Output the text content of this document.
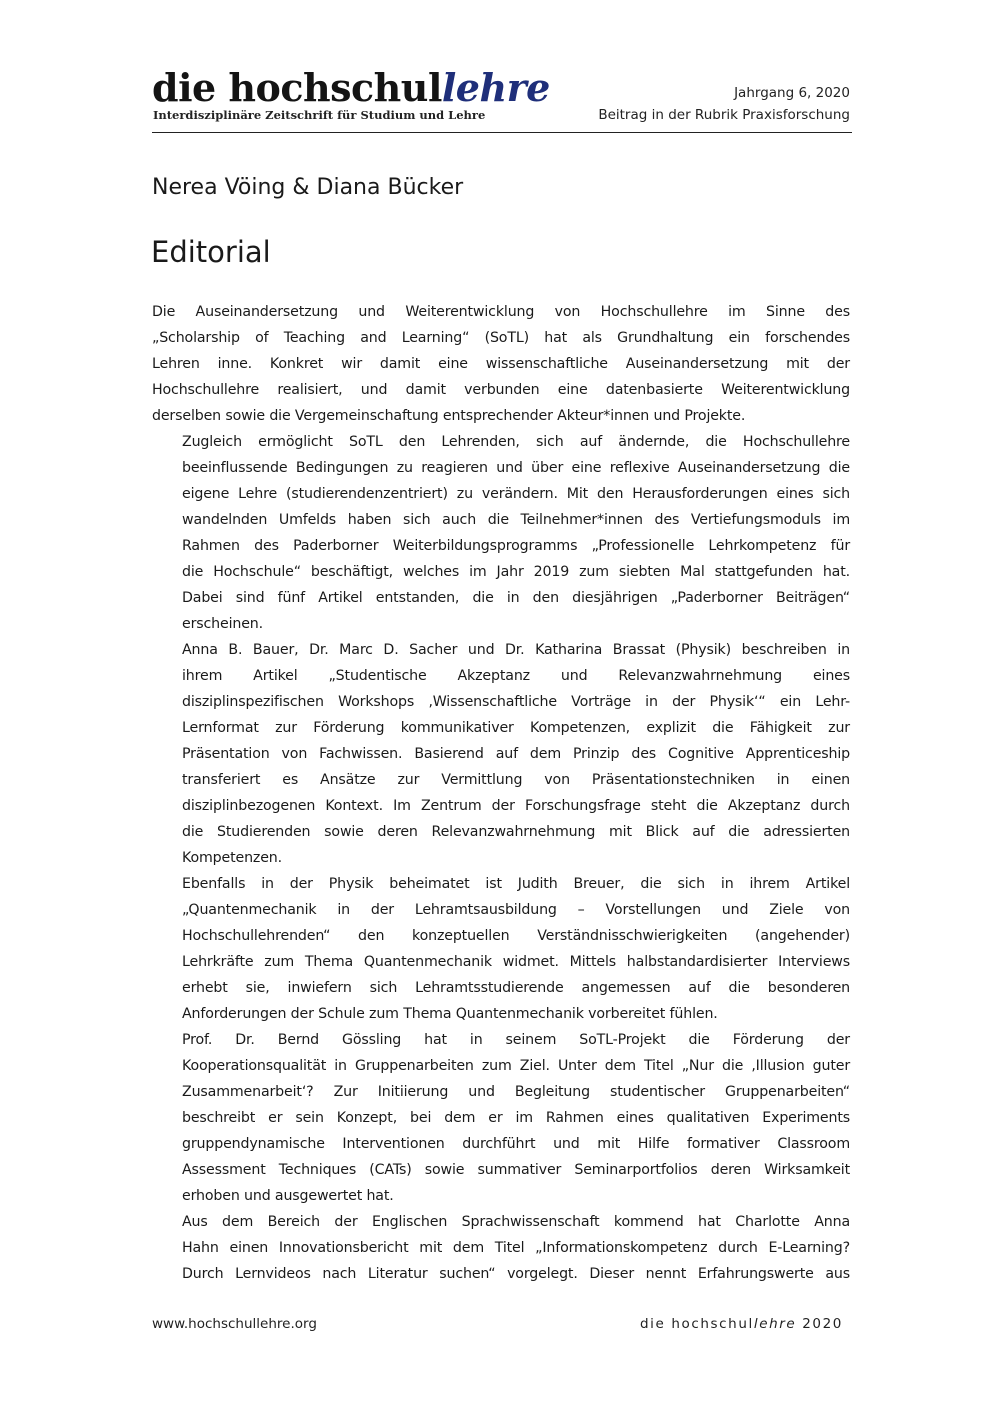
die hochschullehre
Interdisziplinäre Zeitschrift für Studium und Lehre
Jahrgang 6, 2020
Beitrag in der Rubrik Praxisforschung
Nerea Vöing & Diana Bücker
Editorial

Die Auseinandersetzung und Weiterentwicklung von Hochschullehre im Sinne des
„Scholarship of Teaching and Learning“ (SoTL) hat als Grundhaltung ein forschendes
Lehren inne. Konkret wir damit eine wissenschaftliche Auseinandersetzung mit der
Hochschullehre realisiert, und damit verbunden eine datenbasierte Weiterentwicklung
derselben sowie die Vergemeinschaftung entsprechender Akteur*innen und Projekte.

Zugleich ermöglicht SoTL den Lehrenden, sich auf ändernde, die Hochschullehre
beeinflussende Bedingungen zu reagieren und über eine reflexive Auseinandersetzung die
eigene Lehre (studierendenzentriert) zu verändern. Mit den Herausforderungen eines sich
wandelnden Umfelds haben sich auch die Teilnehmer*innen des Vertiefungsmoduls im
Rahmen des Paderborner Weiterbildungsprogramms „Professionelle Lehrkompetenz für
die Hochschule“ beschäftigt, welches im Jahr 2019 zum siebten Mal stattgefunden hat.
Dabei sind fünf Artikel entstanden, die in den diesjährigen „Paderborner Beiträgen“
erscheinen.

Anna B. Bauer, Dr. Marc D. Sacher und Dr. Katharina Brassat (Physik) beschreiben in
ihrem Artikel „Studentische Akzeptanz und Relevanzwahrnehmung eines
disziplinspezifischen Workshops ‚Wissenschaftliche Vorträge in der Physik‘“ ein Lehr-
Lernformat zur Förderung kommunikativer Kompetenzen, explizit die Fähigkeit zur
Präsentation von Fachwissen. Basierend auf dem Prinzip des Cognitive Apprenticeship
transferiert es Ansätze zur Vermittlung von Präsentationstechniken in einen
disziplinbezogenen Kontext. Im Zentrum der Forschungsfrage steht die Akzeptanz durch
die Studierenden sowie deren Relevanzwahrnehmung mit Blick auf die adressierten
Kompetenzen.

Ebenfalls in der Physik beheimatet ist Judith Breuer, die sich in ihrem Artikel
„Quantenmechanik in der Lehramtsausbildung – Vorstellungen und Ziele von
Hochschullehrenden“ den konzeptuellen Verständnisschwierigkeiten (angehender)
Lehrkräfte zum Thema Quantenmechanik widmet. Mittels halbstandardisierter Interviews
erhebt sie, inwiefern sich Lehramtsstudierende angemessen auf die besonderen
Anforderungen der Schule zum Thema Quantenmechanik vorbereitet fühlen.

Prof. Dr. Bernd Gössling hat in seinem SoTL-Projekt die Förderung der
Kooperationsqualität in Gruppenarbeiten zum Ziel. Unter dem Titel „Nur die ‚Illusion guter
Zusammenarbeit‘? Zur Initiierung und Begleitung studentischer Gruppenarbeiten“
beschreibt er sein Konzept, bei dem er im Rahmen eines qualitativen Experiments
gruppendynamische Interventionen durchführt und mit Hilfe formativer Classroom
Assessment Techniques (CATs) sowie summativer Seminarportfolios deren Wirksamkeit
erhoben und ausgewertet hat.

Aus dem Bereich der Englischen Sprachwissenschaft kommend hat Charlotte Anna
Hahn einen Innovationsbericht mit dem Titel „Informationskompetenz durch E-Learning?
Durch Lernvideos nach Literatur suchen“ vorgelegt. Dieser nennt Erfahrungswerte aus

www.hochschullehre.org	die hochschullehre 2020
